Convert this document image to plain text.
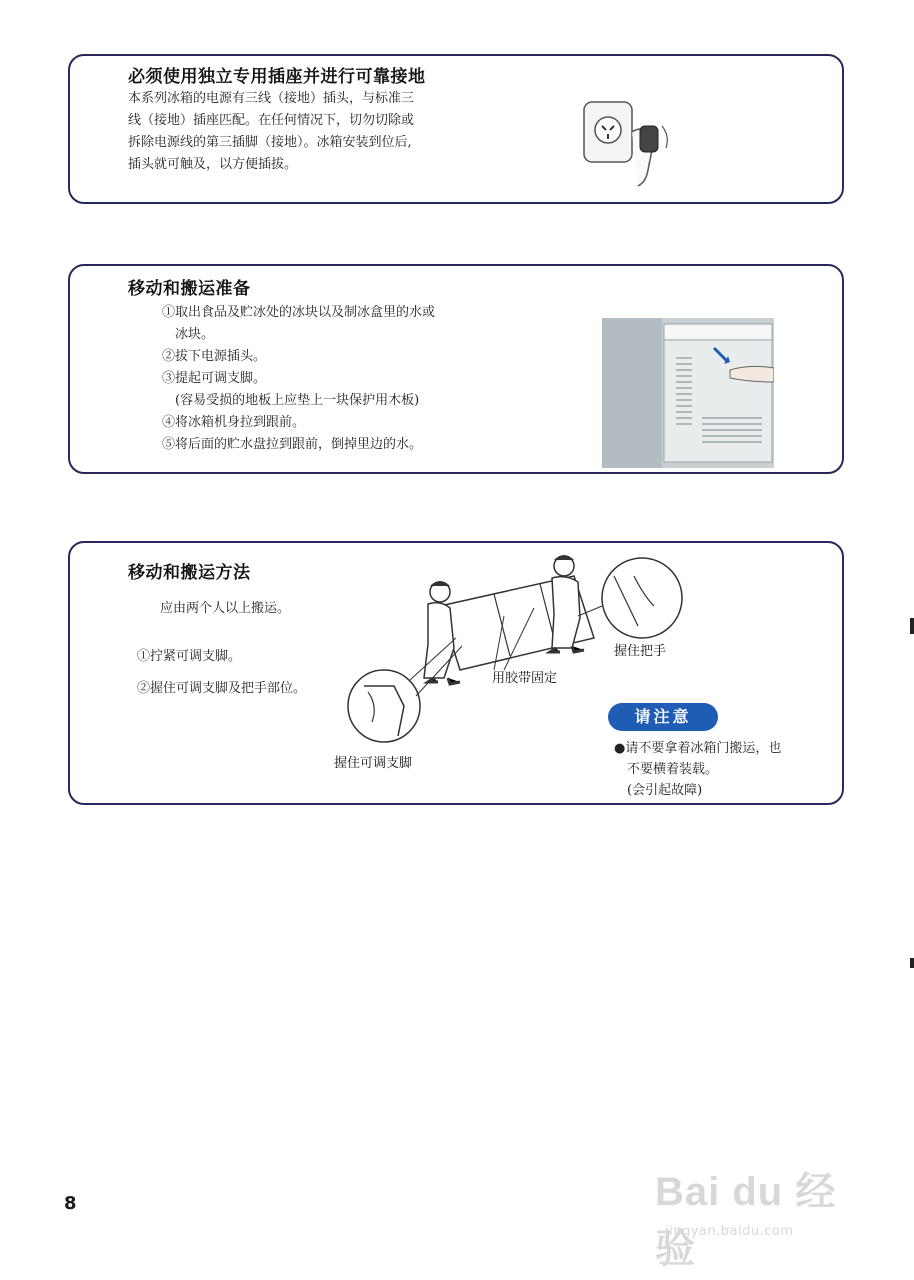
必须使用独立专用插座并进行可靠接地
本系列冰箱的电源有三线（接地）插头，与标准三
线（接地）插座匹配。在任何情况下，切勿切除或
拆除电源线的第三插脚（接地）。冰箱安装到位后,
插头就可触及，以方便插拔。
移动和搬运准备
①取出食品及贮冰处的冰块以及制冰盒里的水或
　冰块。
②拔下电源插头。
③提起可调支脚。
　(容易受损的地板上应垫上一块保护用木板)
④将冰箱机身拉到跟前。
⑤将后面的贮水盘拉到跟前，倒掉里边的水。
移动和搬运方法
应由两个人以上搬运。
①拧紧可调支脚。
②握住可调支脚及把手部位。
握住把手
用胶带固定
握住可调支脚
请注意
●请不要拿着冰箱门搬运，也
　不要横着装载。
　(会引起故障)
8	Bai du 经验
jingyan.baidu.com
